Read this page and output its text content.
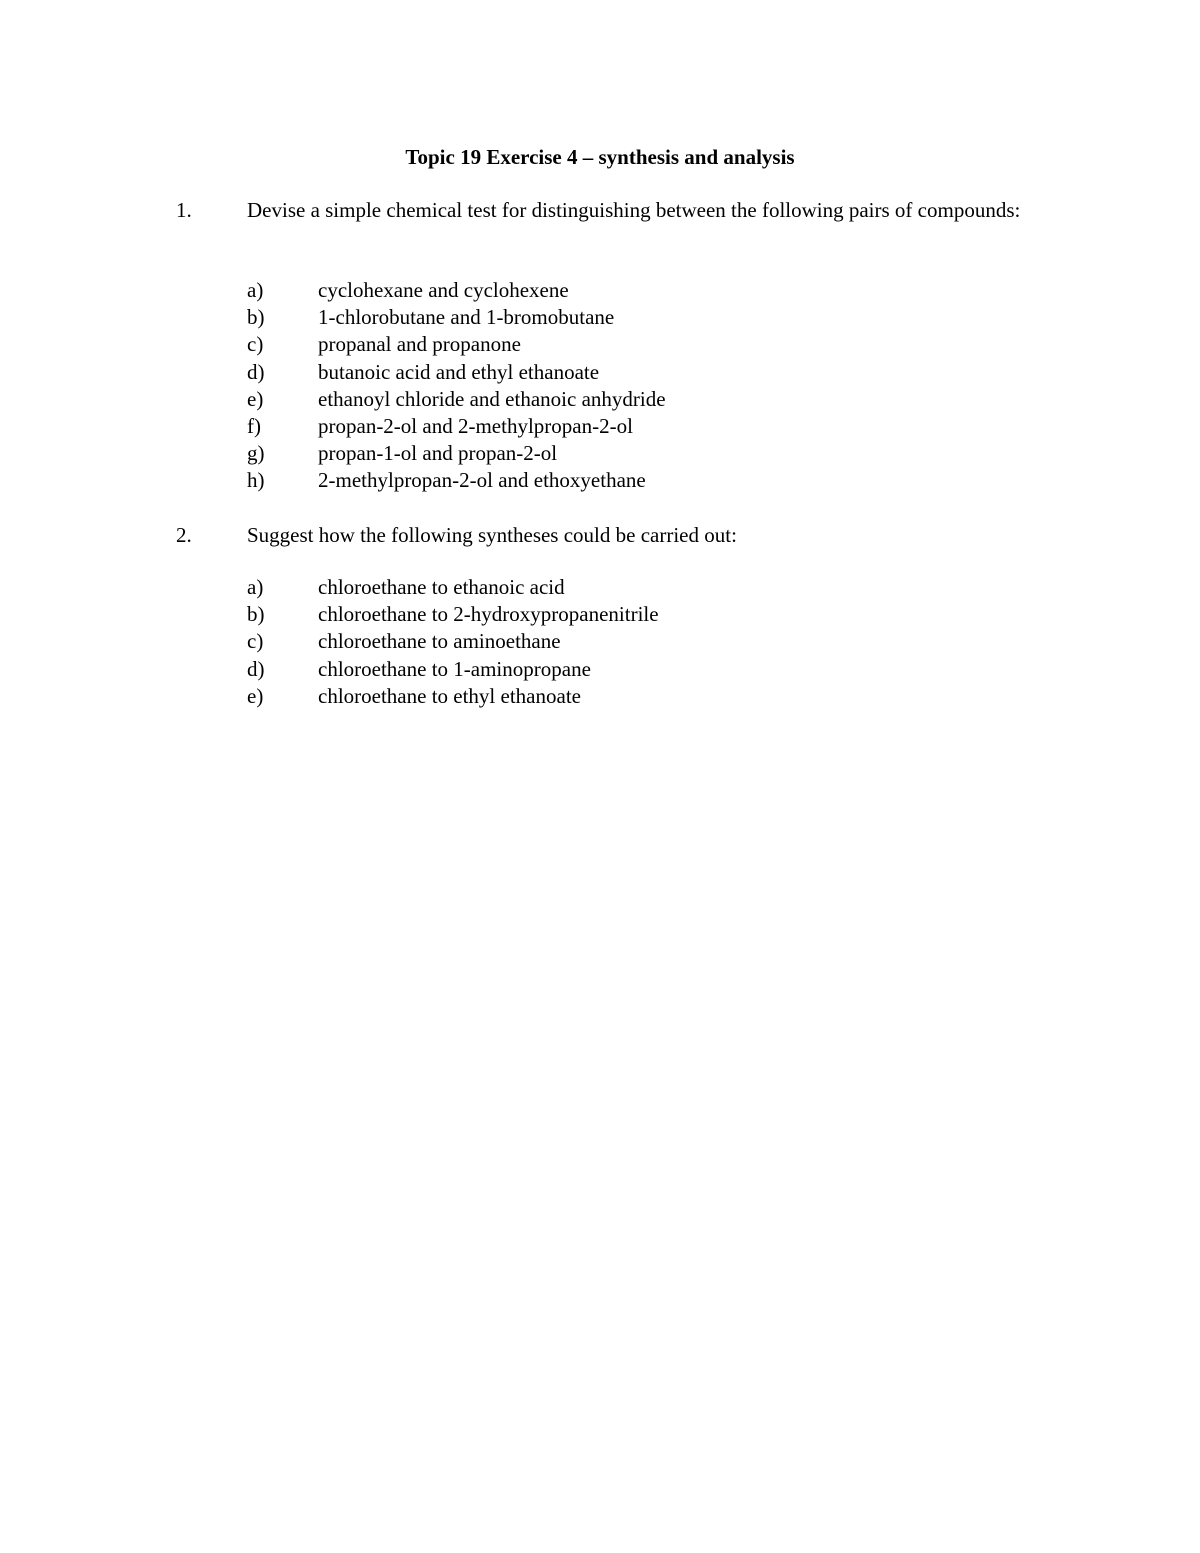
Topic 19 Exercise 4 – synthesis and analysis
1.	Devise a simple chemical test for distinguishing between the following pairs of compounds:
a)	cyclohexane and cyclohexene
b)	1-chlorobutane and 1-bromobutane
c)	propanal and propanone
d)	butanoic acid and ethyl ethanoate
e)	ethanoyl chloride and ethanoic anhydride
f)	propan-2-ol and 2-methylpropan-2-ol
g)	propan-1-ol and propan-2-ol
h)	2-methylpropan-2-ol and ethoxyethane
2.	Suggest how the following syntheses could be carried out:
a)	chloroethane to ethanoic acid
b)	chloroethane to 2-hydroxypropanenitrile
c)	chloroethane to aminoethane
d)	chloroethane to 1-aminopropane
e)	chloroethane to ethyl ethanoate
